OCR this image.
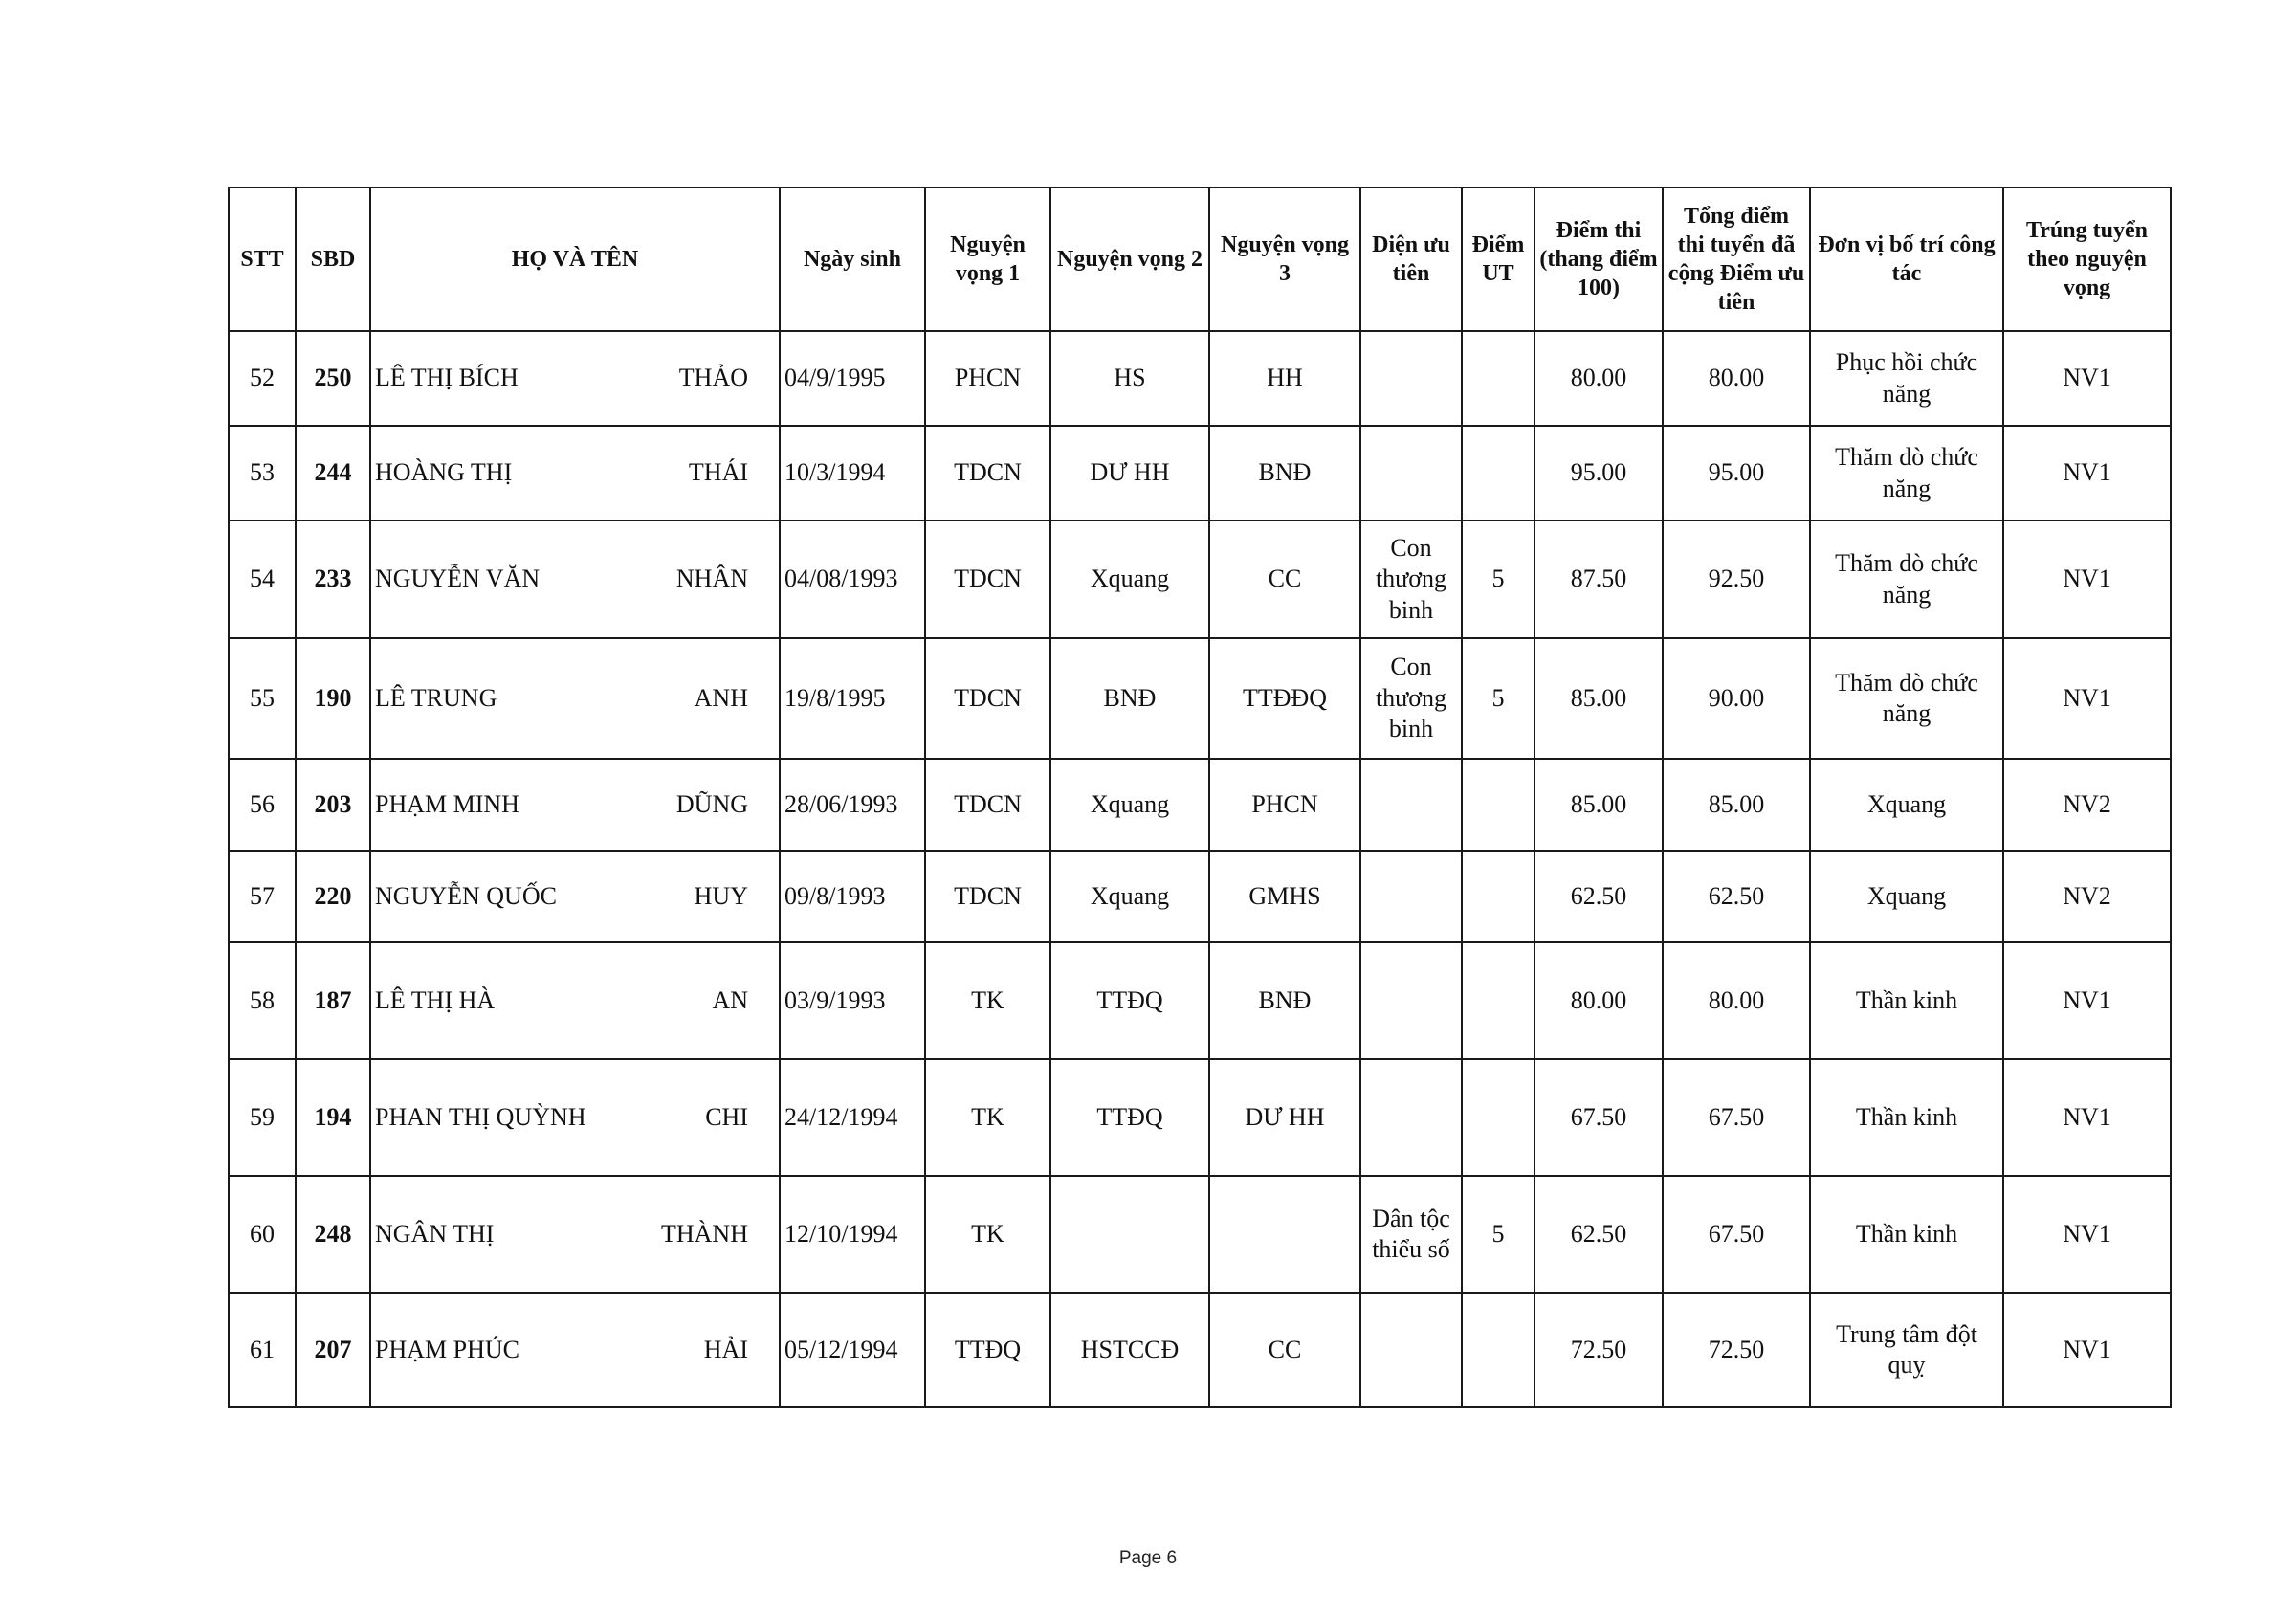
STT	SBD	HỌ VÀ TÊN	Ngày sinh	Nguyện vọng 1	Nguyện vọng 2	Nguyện vọng 3	Diện ưu tiên	Điểm UT	Điểm thi (thang điểm 100)	Tổng điểm thi tuyển đã cộng Điểm ưu tiên	Đơn vị bố trí công tác	Trúng tuyển theo nguyện vọng
52	250	LÊ THỊ BÍCH THẢO	04/9/1995	PHCN	HS	HH			80.00	80.00	Phục hồi chức năng	NV1
53	244	HOÀNG THỊ THÁI	10/3/1994	TDCN	DƯ HH	BNĐ			95.00	95.00	Thăm dò chức năng	NV1
54	233	NGUYỄN VĂN NHÂN	04/08/1993	TDCN	Xquang	CC	Con thương binh	5	87.50	92.50	Thăm dò chức năng	NV1
55	190	LÊ TRUNG ANH	19/8/1995	TDCN	BNĐ	TTĐĐQ	Con thương binh	5	85.00	90.00	Thăm dò chức năng	NV1
56	203	PHẠM MINH DŨNG	28/06/1993	TDCN	Xquang	PHCN			85.00	85.00	Xquang	NV2
57	220	NGUYỄN QUỐC HUY	09/8/1993	TDCN	Xquang	GMHS			62.50	62.50	Xquang	NV2
58	187	LÊ THỊ HÀ AN	03/9/1993	TK	TTĐQ	BNĐ			80.00	80.00	Thần kinh	NV1
59	194	PHAN THỊ QUỲNH CHI	24/12/1994	TK	TTĐQ	DƯ HH			67.50	67.50	Thần kinh	NV1
60	248	NGÂN THỊ THÀNH	12/10/1994	TK			Dân tộc thiểu số	5	62.50	67.50	Thần kinh	NV1
61	207	PHẠM PHÚC HẢI	05/12/1994	TTĐQ	HSTCCĐ	CC			72.50	72.50	Trung tâm đột quỵ	NV1
Page 6
